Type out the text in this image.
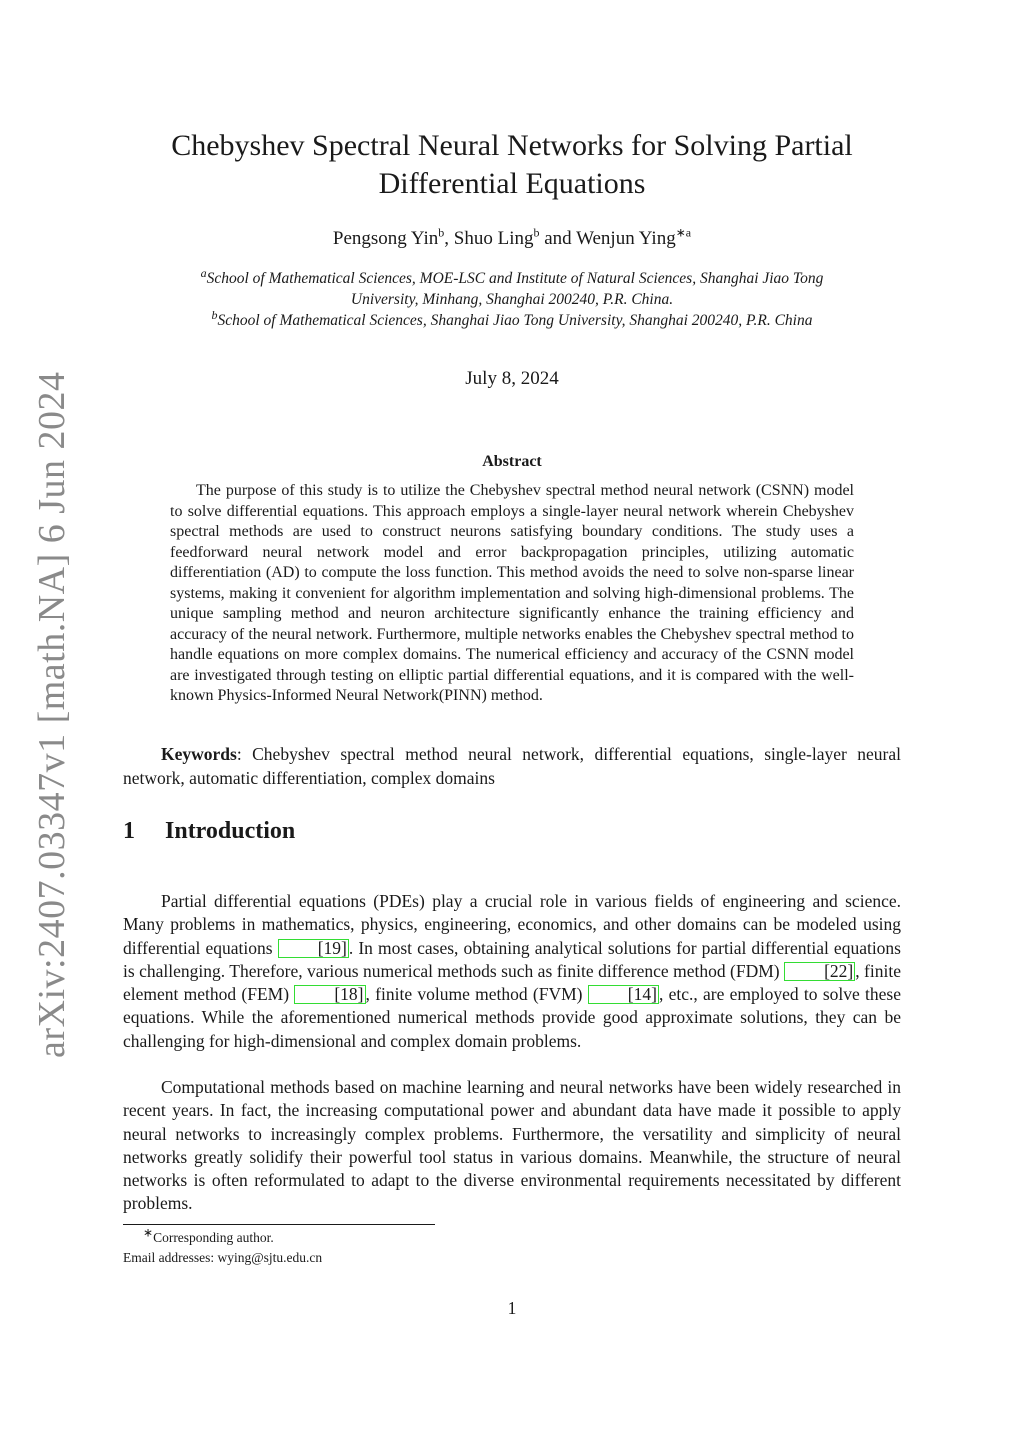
arXiv:2407.03347v1 [math.NA] 6 Jun 2024
Chebyshev Spectral Neural Networks for Solving Partial
Differential Equations
Pengsong Yin$^b$, Shuo Ling$^b$ and Wenjun Ying$^{∗a}$
$^a$School of Mathematical Sciences, MOE-LSC and Institute of Natural Sciences, Shanghai Jiao Tong
University, Minhang, Shanghai 200240, P.R. China.
$^b$School of Mathematical Sciences, Shanghai Jiao Tong University, Shanghai 200240, P.R. China
July 8, 2024
Abstract
The purpose of this study is to utilize the Chebyshev spectral method neural network (CSNN) model to solve differential equations. This approach employs a single-layer neural network wherein Chebyshev spectral methods are used to construct neurons satisfying boundary conditions. The study uses a feedforward neural network model and error backpropagation principles, utilizing automatic differentiation (AD) to compute the loss function. This method avoids the need to solve non-sparse linear systems, making it convenient for algorithm implementation and solving high-dimensional problems. The unique sampling method and neuron architecture significantly enhance the training efficiency and accuracy of the neural network. Furthermore, multiple networks enables the Chebyshev spectral method to handle equations on more complex domains. The numerical efficiency and accuracy of the CSNN model are investigated through testing on elliptic partial differential equations, and it is compared with the well-known Physics-Informed Neural Network(PINN) method.
Keywords: Chebyshev spectral method neural network, differential equations, single-layer neural network, automatic differentiation, complex domains
1 Introduction
Partial differential equations (PDEs) play a crucial role in various fields of engineering and science. Many problems in mathematics, physics, engineering, economics, and other domains can be modeled using differential equations [19] . In most cases, obtaining analytical solutions for partial differential equations is challenging. Therefore, various numerical methods such as finite difference method (FDM) [22] , finite element method (FEM) [18] , finite volume method (FVM) [14] , etc., are employed to solve these equations. While the aforementioned numerical methods provide good approximate solutions, they can be challenging for high-dimensional and complex domain problems.
Computational methods based on machine learning and neural networks have been widely researched in recent years. In fact, the increasing computational power and abundant data have made it possible to apply neural networks to increasingly complex problems. Furthermore, the versatility and simplicity of neural networks greatly solidify their powerful tool status in various domains. Meanwhile, the structure of neural networks is often reformulated to adapt to the diverse environmental requirements necessitated by different problems.
∗Corresponding author.
Email addresses: wying@sjtu.edu.cn
1
